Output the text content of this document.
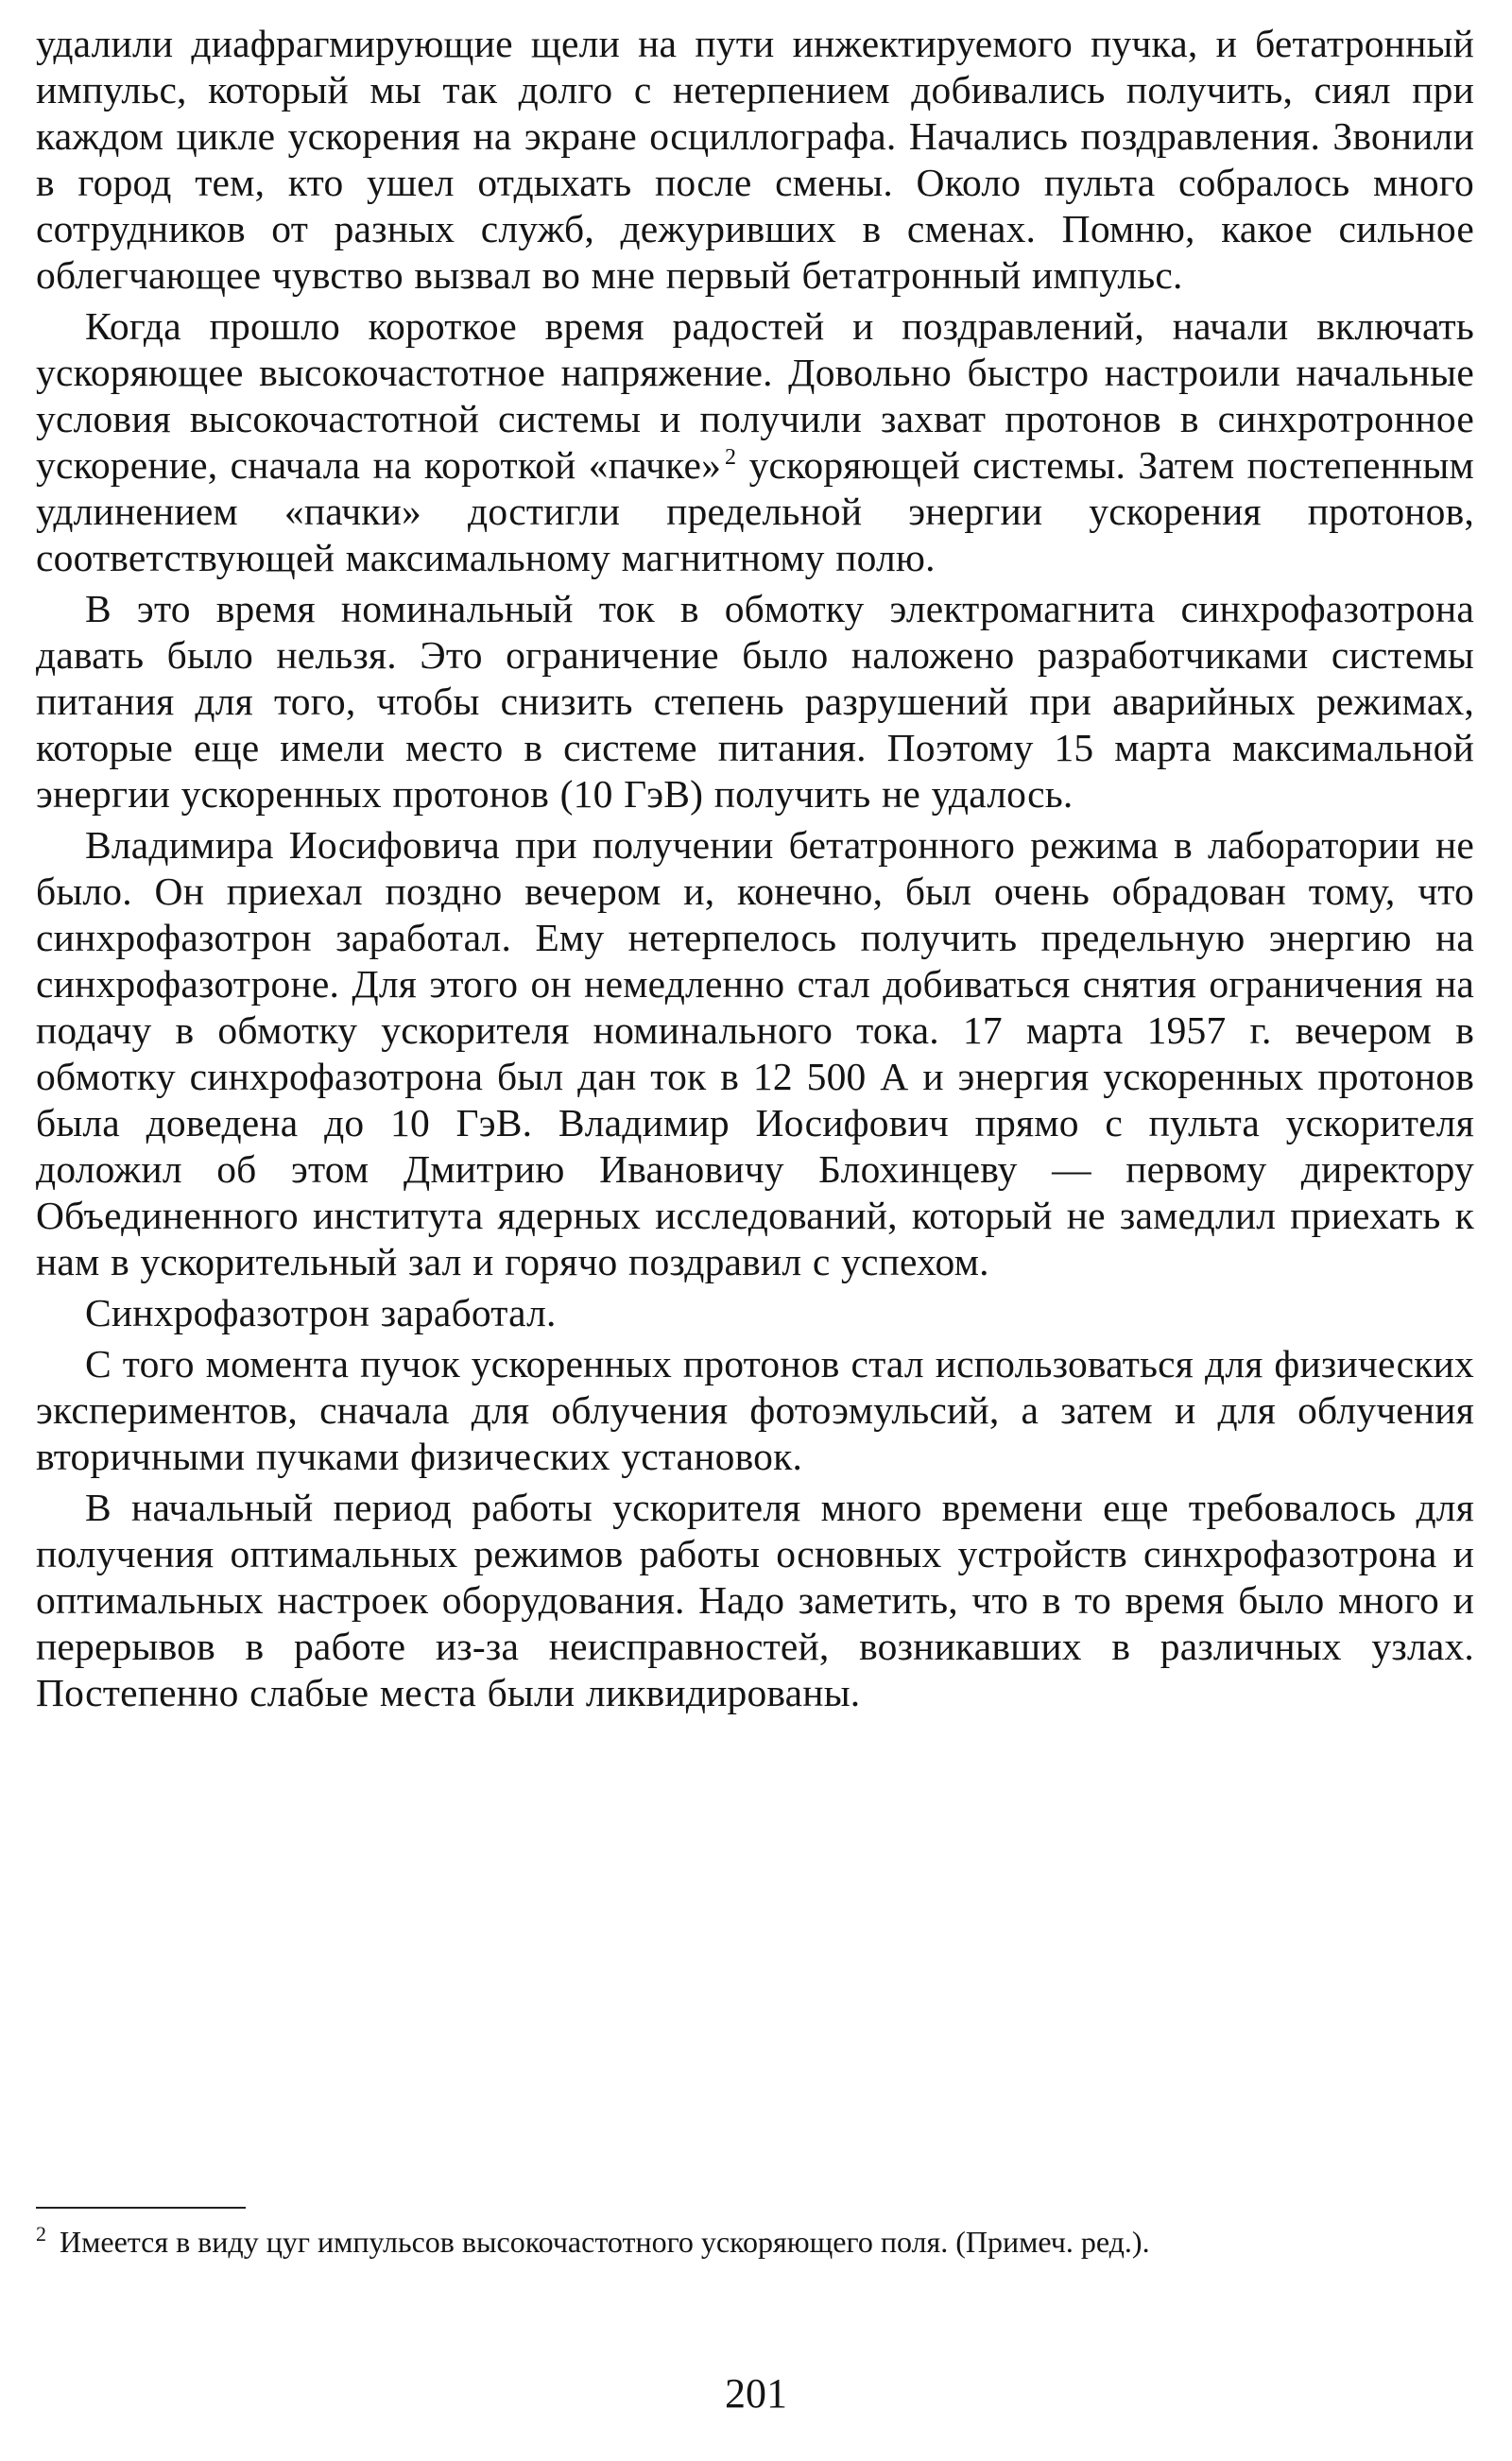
удалили диафрагмирующие щели на пути инжектируемого пучка, и бетатронный импульс, который мы так долго с нетерпением добивались получить, сиял при каждом цикле ускорения на экране осциллографа. Начались поздравления. Звонили в город тем, кто ушел отдыхать после смены. Около пульта собралось много сотрудников от разных служб, дежуривших в сменах. Помню, какое сильное облегчающее чувство вызвал во мне первый бетатронный импульс.

Когда прошло короткое время радостей и поздравлений, начали включать ускоряющее высокочастотное напряжение. Довольно быстро настроили начальные условия высокочастотной системы и получили захват протонов в синхротронное ускорение, сначала на короткой «пачке» $^2$ ускоряющей системы. Затем постепенным удлинением «пачки» достигли предельной энергии ускорения протонов, соответствующей максимальному магнитному полю.

В это время номинальный ток в обмотку электромагнита синхрофазотрона давать было нельзя. Это ограничение было наложено разработчиками системы питания для того, чтобы снизить степень разрушений при аварийных режимах, которые еще имели место в системе питания. Поэтому 15 марта максимальной энергии ускоренных протонов (10 ГэВ) получить не удалось.

Владимира Иосифовича при получении бетатронного режима в лаборатории не было. Он приехал поздно вечером и, конечно, был очень обрадован тому, что синхрофазотрон заработал. Ему нетерпелось получить предельную энергию на синхрофазотроне. Для этого он немедленно стал добиваться снятия ограничения на подачу в обмотку ускорителя номинального тока. 17 марта 1957 г. вечером в обмотку синхрофазотрона был дан ток в 12 500 А и энергия ускоренных протонов была доведена до 10 ГэВ. Владимир Иосифович прямо с пульта ускорителя доложил об этом Дмитрию Ивановичу Блохинцеву — первому директору Объединенного института ядерных исследований, который не замедлил приехать к нам в ускорительный зал и горячо поздравил с успехом.

Синхрофазотрон заработал.

С того момента пучок ускоренных протонов стал использоваться для физических экспериментов, сначала для облучения фотоэмульсий, а затем и для облучения вторичными пучками физических установок.

В начальный период работы ускорителя много времени еще требовалось для получения оптимальных режимов работы основных устройств синхрофазотрона и оптимальных настроек оборудования. Надо заметить, что в то время было много и перерывов в работе из-за неисправностей, возникавших в различных узлах. Постепенно слабые места были ликвидированы.

$^2$ Имеется в виду цуг импульсов высокочастотного ускоряющего поля. (Примеч. ред.).
201
